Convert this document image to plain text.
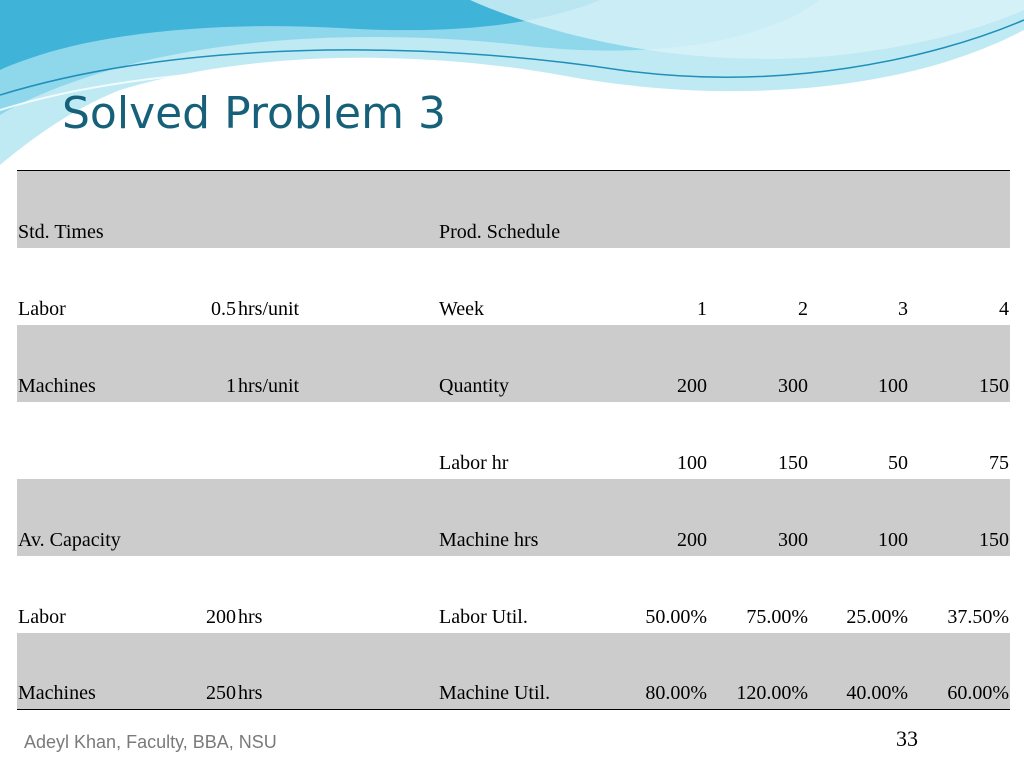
Solved Problem 3
Std. Times			Prod. Schedule				
Labor	0.5	hrs/unit	Week	1	2	3	4
Machines	1	hrs/unit	Quantity	200	300	100	150
			Labor hr	100	150	50	75
Av. Capacity			Machine hrs	200	300	100	150
Labor	200	hrs	Labor Util.	50.00%	75.00%	25.00%	37.50%
Machines	250	hrs	Machine Util.	80.00%	120.00%	40.00%	60.00%
Adeyl Khan, Faculty, BBA, NSU	33
